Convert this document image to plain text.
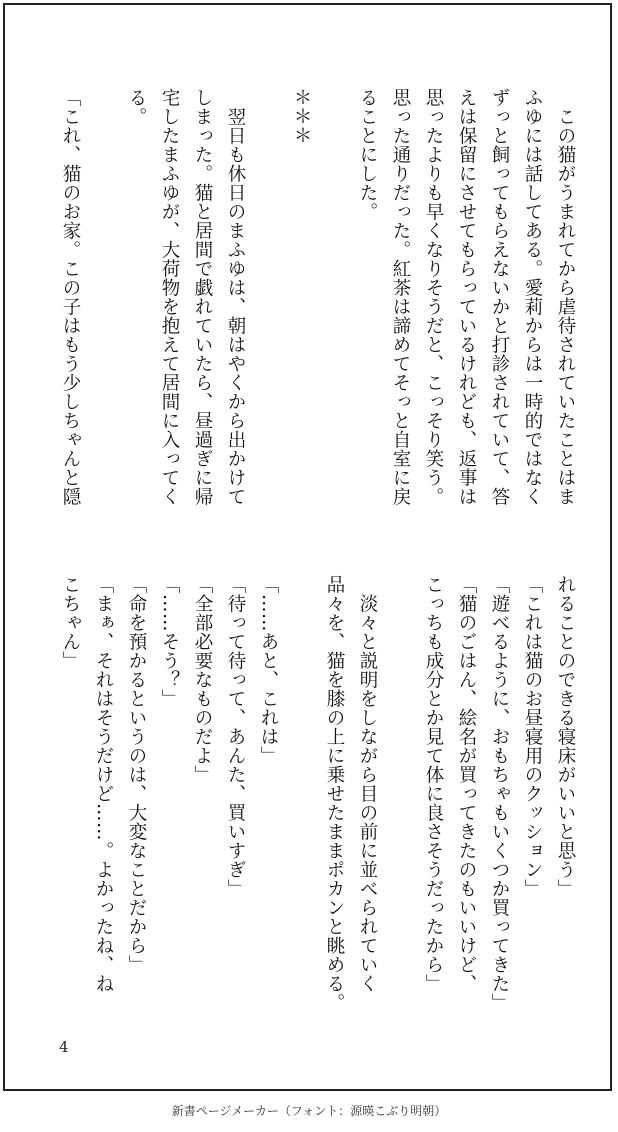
　この猫がうまれてから虐待されていたことはま
ふゆには話してある。愛莉からは一時的ではなく
ずっと飼ってもらえないかと打診されていて、答
えは保留にさせてもらっているけれども、返事は
思ったよりも早くなりそうだと、こっそり笑う。
思った通りだった。紅茶は諦めてそっと自室に戻
ることにした。

＊＊＊

　翌日も休日のまふゆは、朝はやくから出かけて
しまった。猫と居間で戯れていたら、昼過ぎに帰
宅したまふゆが、大荷物を抱えて居間に入ってく
る。

「これ、猫のお家。この子はもう少しちゃんと隠
れることのできる寝床がいいと思う」
「これは猫のお昼寝用のクッション」
「遊べるように、おもちゃもいくつか買ってきた」
「猫のごはん、絵名が買ってきたのもいいけど、
こっちも成分とか見て体に良さそうだったから」

　淡々と説明をしながら目の前に並べられていく
品々を、猫を膝の上に乗せたままポカンと眺める。

「……あと、これは」
「待って待って、あんた、買いすぎ」
「全部必要なものだよ」
「……そう？」
「命を預かるというのは、大変なことだから」
「まぁ、それはそうだけど……。よかったね、ね
こちゃん」
4
新書ページメーカー（フォント：源暎こぶり明朝）
